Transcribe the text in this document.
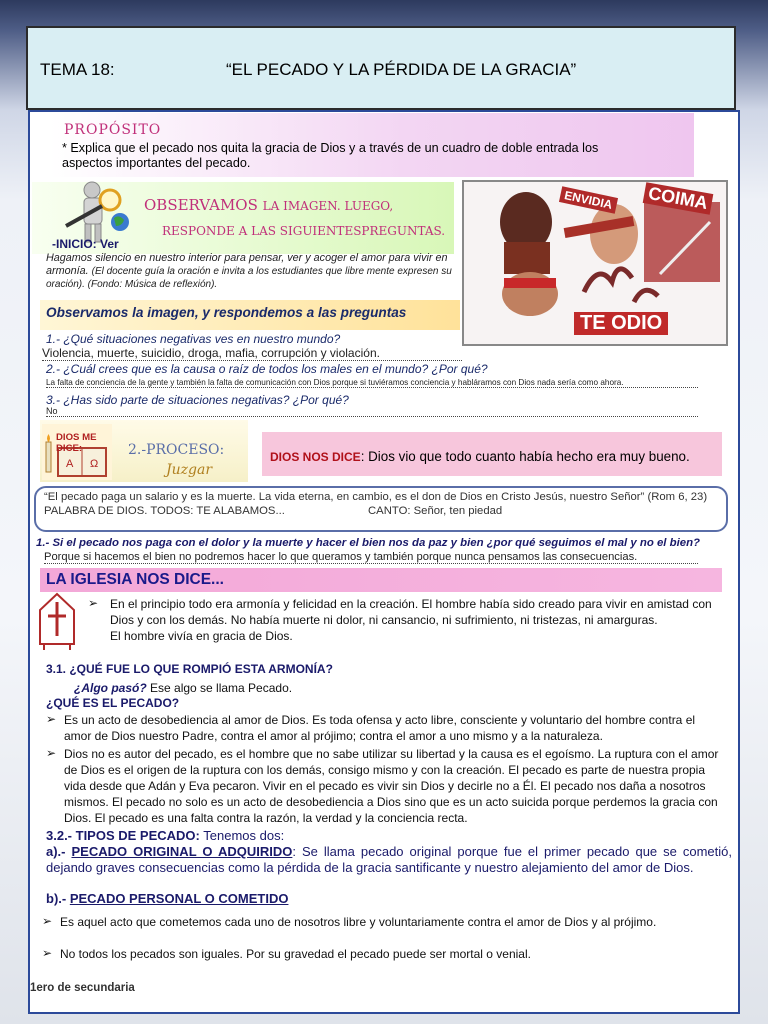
TEMA 18:	“EL PECADO Y LA PÉRDIDA DE LA GRACIA”
PROPÓSITO
* Explica que el pecado nos quita la gracia de Dios y a través de un cuadro de doble entrada los aspectos importantes del pecado.
OBSERVAMOS LA IMAGEN. LUEGO,
RESPONDE A LAS SIGUIENTESPREGUNTAS.
-INICIO: Ver
Hagamos silencio en nuestro interior para pensar, ver y acoger el amor para vivir en armonía. (El docente guía la oración e invita a los estudiantes que libre mente expresen su oración). (Fondo: Música de reflexión).
Observamos la imagen, y respondemos a las preguntas
ENVIDIA COIMA
TE ODIO
1.- ¿Qué situaciones negativas ves en nuestro mundo?
Violencia, muerte, suicidio, droga, mafia, corrupción y violación.
2.- ¿Cuál crees que es la causa o raíz de todos los males en el mundo? ¿Por qué?
La falta de conciencia de la gente y también la falta de comunicación con Dios porque si tuviéramos conciencia y habláramos con Dios nada sería como ahora.
3.- ¿Has sido parte de situaciones negativas? ¿Por qué?
No
DIOS ME DICE:
A Ω
2.-PROCESO:
Juzgar
DIOS NOS DICE: Dios vio que todo cuanto había hecho era muy bueno.
“El pecado paga un salario y es la muerte. La vida eterna, en cambio, es el don de Dios en Cristo Jesús, nuestro Señor” (Rom 6, 23) PALABRA DE DIOS. TODOS: TE ALABAMOS...	CANTO: Señor, ten piedad
1.- Si el pecado nos paga con el dolor y la muerte y hacer el bien nos da paz y bien ¿por qué seguimos el mal y no el bien?
Porque si hacemos el bien no podremos hacer lo que queramos y también porque nunca pensamos las consecuencias.
LA IGLESIA NOS DICE...
➢ En el principio todo era armonía y felicidad en la creación. El hombre había sido creado para vivir en amistad con Dios y con los demás. No había muerte ni dolor, ni cansancio, ni sufrimiento, ni tristezas, ni amarguras.
El hombre vivía en gracia de Dios.
3.1. ¿QUÉ FUE LO QUE ROMPIÓ ESTA ARMONÍA?
¿Algo pasó? Ese algo se llama Pecado.
¿QUÉ ES EL PECADO?
➢ Es un acto de desobediencia al amor de Dios. Es toda ofensa y acto libre, consciente y voluntario del hombre contra el amor de Dios nuestro Padre, contra el amor al prójimo; contra el amor a uno mismo y a la naturaleza.
➢ Dios no es autor del pecado, es el hombre que no sabe utilizar su libertad y la causa es el egoísmo. La ruptura con el amor de Dios es el origen de la ruptura con los demás, consigo mismo y con la creación. El pecado es parte de nuestra propia vida desde que Adán y Eva pecaron. Vivir en el pecado es vivir sin Dios y decirle no a Él. El pecado nos daña a nosotros mismos. El pecado no solo es un acto de desobediencia a Dios sino que es un acto suicida porque perdemos la gracia con Dios. El pecado es una falta contra la razón, la verdad y la conciencia recta.
3.2.- TIPOS DE PECADO: Tenemos dos:
a).- PECADO ORIGINAL O ADQUIRIDO: Se llama pecado original porque fue el primer pecado que se cometió, dejando graves consecuencias como la pérdida de la gracia santificante y nuestro alejamiento del amor de Dios.
b).- PECADO PERSONAL O COMETIDO
➢ Es aquel acto que cometemos cada uno de nosotros libre y voluntariamente contra el amor de Dios y al prójimo.
➢ No todos los pecados son iguales. Por su gravedad el pecado puede ser mortal o venial.
1ero de secundaria
